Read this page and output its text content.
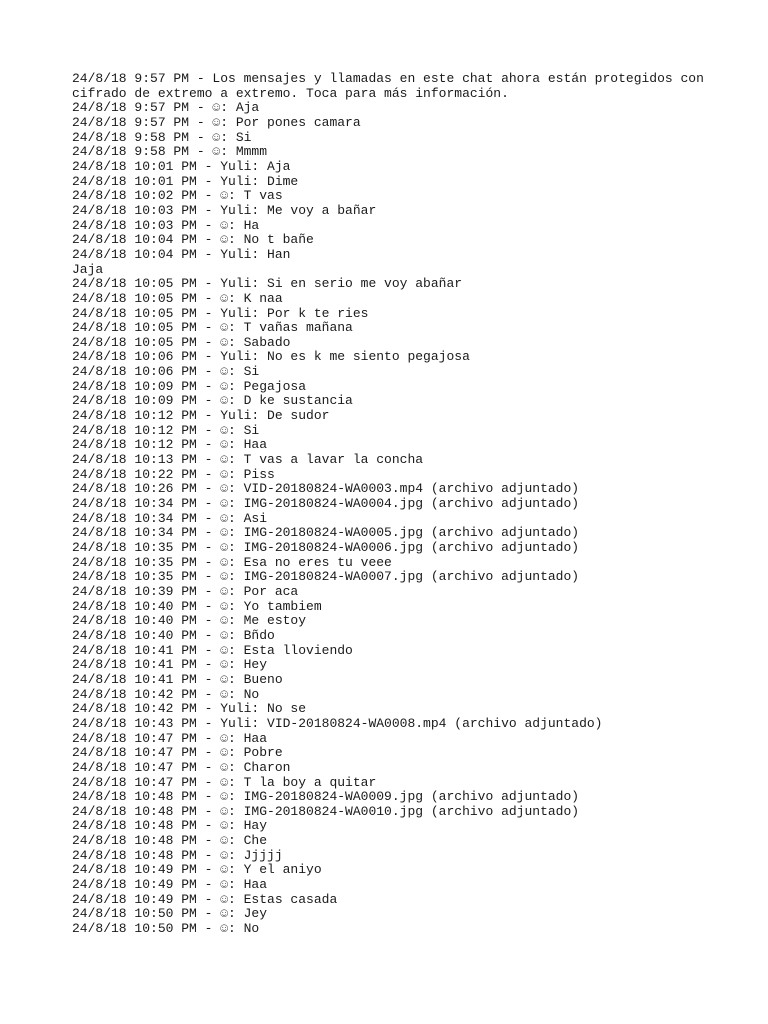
24/8/18 9:57 PM - Los mensajes y llamadas en este chat ahora están protegidos con
cifrado de extremo a extremo. Toca para más información.
24/8/18 9:57 PM - ☺: Aja
24/8/18 9:57 PM - ☺: Por pones camara
24/8/18 9:58 PM - ☺: Si
24/8/18 9:58 PM - ☺: Mmmm
24/8/18 10:01 PM - Yuli: Aja
24/8/18 10:01 PM - Yuli: Dime
24/8/18 10:02 PM - ☺: T vas
24/8/18 10:03 PM - Yuli: Me voy a bañar
24/8/18 10:03 PM - ☺: Ha
24/8/18 10:04 PM - ☺: No t bañe
24/8/18 10:04 PM - Yuli: Han
Jaja
24/8/18 10:05 PM - Yuli: Si en serio me voy abañar
24/8/18 10:05 PM - ☺: K naa
24/8/18 10:05 PM - Yuli: Por k te ries
24/8/18 10:05 PM - ☺: T vañas mañana
24/8/18 10:05 PM - ☺: Sabado
24/8/18 10:06 PM - Yuli: No es k me siento pegajosa
24/8/18 10:06 PM - ☺: Si
24/8/18 10:09 PM - ☺: Pegajosa
24/8/18 10:09 PM - ☺: D ke sustancia
24/8/18 10:12 PM - Yuli: De sudor
24/8/18 10:12 PM - ☺: Si
24/8/18 10:12 PM - ☺: Haa
24/8/18 10:13 PM - ☺: T vas a lavar la concha
24/8/18 10:22 PM - ☺: Piss
24/8/18 10:26 PM - ☺: VID-20180824-WA0003.mp4 (archivo adjuntado)
24/8/18 10:34 PM - ☺: IMG-20180824-WA0004.jpg (archivo adjuntado)
24/8/18 10:34 PM - ☺: Asi
24/8/18 10:34 PM - ☺: IMG-20180824-WA0005.jpg (archivo adjuntado)
24/8/18 10:35 PM - ☺: IMG-20180824-WA0006.jpg (archivo adjuntado)
24/8/18 10:35 PM - ☺: Esa no eres tu veee
24/8/18 10:35 PM - ☺: IMG-20180824-WA0007.jpg (archivo adjuntado)
24/8/18 10:39 PM - ☺: Por aca
24/8/18 10:40 PM - ☺: Yo tambiem
24/8/18 10:40 PM - ☺: Me estoy
24/8/18 10:40 PM - ☺: Bñdo
24/8/18 10:41 PM - ☺: Esta lloviendo
24/8/18 10:41 PM - ☺: Hey
24/8/18 10:41 PM - ☺: Bueno
24/8/18 10:42 PM - ☺: No
24/8/18 10:42 PM - Yuli: No se
24/8/18 10:43 PM - Yuli: VID-20180824-WA0008.mp4 (archivo adjuntado)
24/8/18 10:47 PM - ☺: Haa
24/8/18 10:47 PM - ☺: Pobre
24/8/18 10:47 PM - ☺: Charon
24/8/18 10:47 PM - ☺: T la boy a quitar
24/8/18 10:48 PM - ☺: IMG-20180824-WA0009.jpg (archivo adjuntado)
24/8/18 10:48 PM - ☺: IMG-20180824-WA0010.jpg (archivo adjuntado)
24/8/18 10:48 PM - ☺: Hay
24/8/18 10:48 PM - ☺: Che
24/8/18 10:48 PM - ☺: Jjjjj
24/8/18 10:49 PM - ☺: Y el aniyo
24/8/18 10:49 PM - ☺: Haa
24/8/18 10:49 PM - ☺: Estas casada
24/8/18 10:50 PM - ☺: Jey
24/8/18 10:50 PM - ☺: No
